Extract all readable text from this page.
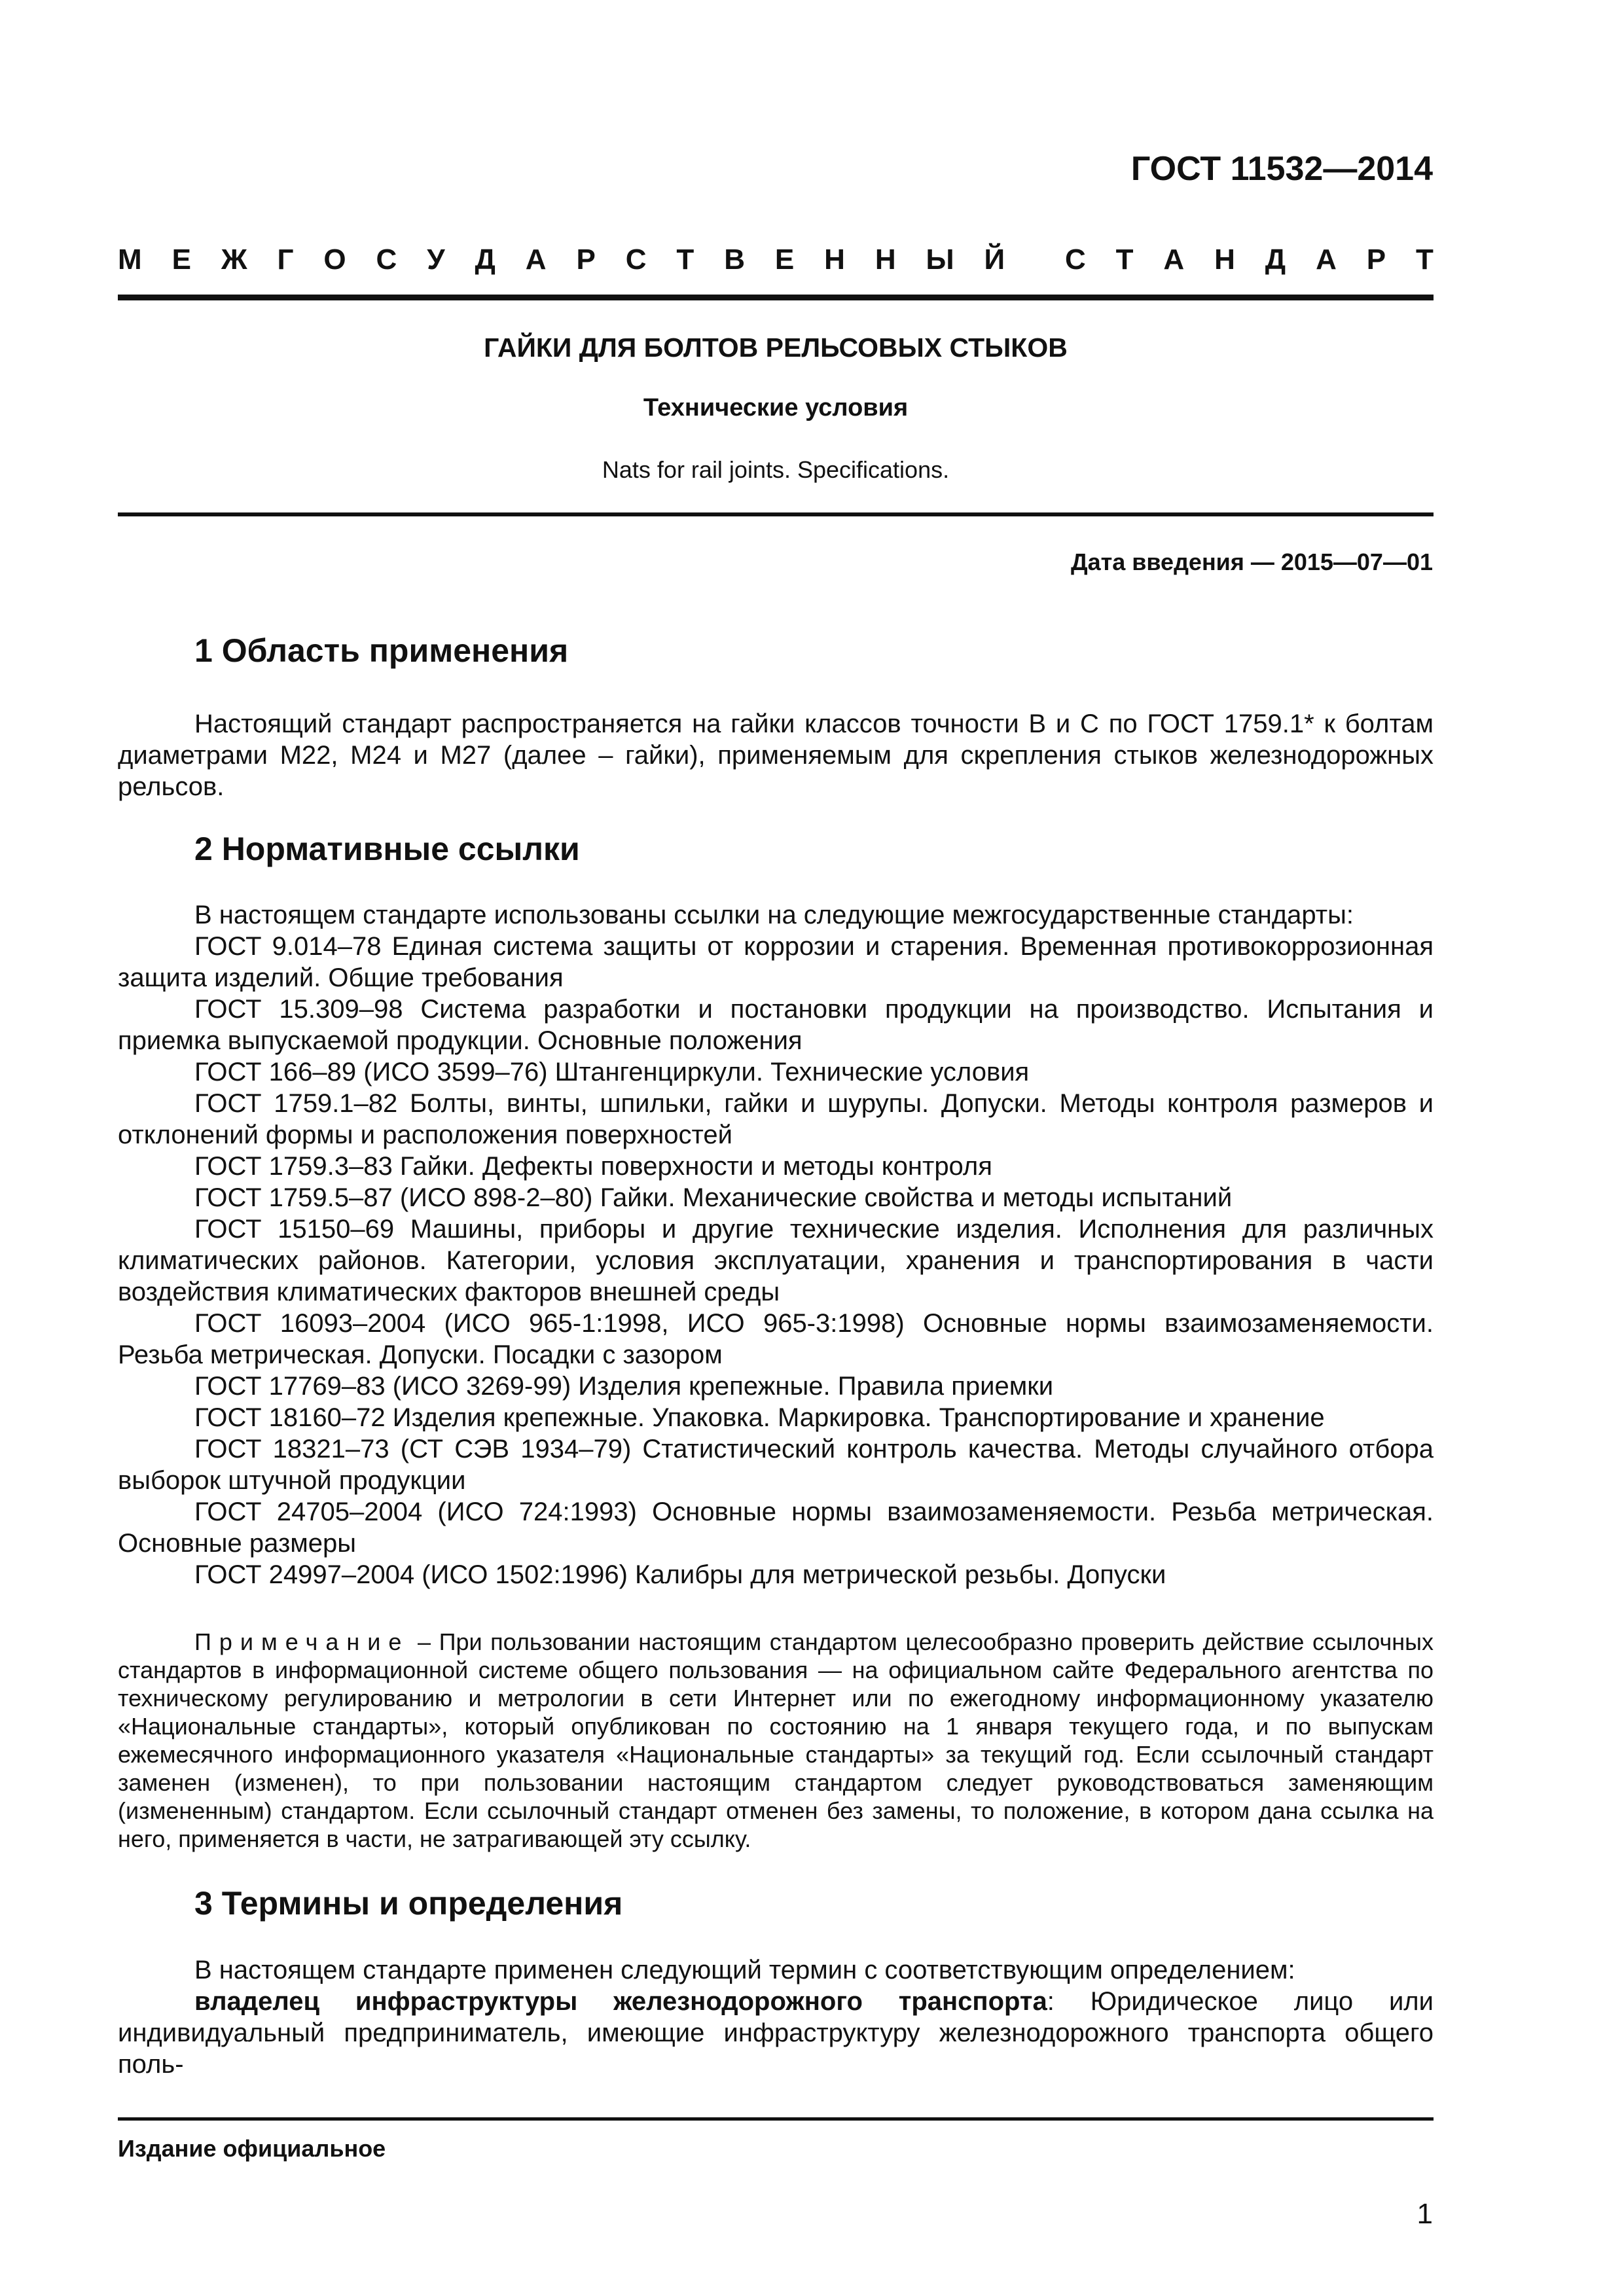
ГОСТ 11532—2014
М Е Ж Г О С У Д А Р С Т В Е Н Н Ы Й С Т А Н Д А Р Т
ГАЙКИ ДЛЯ БОЛТОВ РЕЛЬСОВЫХ СТЫКОВ
Технические условия
Nats for rail joints. Specifications.
Дата введения — 2015—07—01
1 Область применения

Настоящий стандарт распространяется на гайки классов точности B и C по ГОСТ 1759.1* к болтам диаметрами М22, М24 и М27 (далее – гайки), применяемым для скрепления стыков железнодорожных рельсов.

2 Нормативные ссылки

В настоящем стандарте использованы ссылки на следующие межгосударственные стандарты:

ГОСТ 9.014–78 Единая система защиты от коррозии и старения. Временная противокоррозионная защита изделий. Общие требования

ГОСТ 15.309–98 Система разработки и постановки продукции на производство. Испытания и приемка выпускаемой продукции. Основные положения

ГОСТ 166–89 (ИСО 3599–76) Штангенциркули. Технические условия

ГОСТ 1759.1–82 Болты, винты, шпильки, гайки и шурупы. Допуски. Методы контроля размеров и отклонений формы и расположения поверхностей

ГОСТ 1759.3–83 Гайки. Дефекты поверхности и методы контроля

ГОСТ 1759.5–87 (ИСО 898-2–80) Гайки. Механические свойства и методы испытаний

ГОСТ 15150–69 Машины, приборы и другие технические изделия. Исполнения для различных климатических районов. Категории, условия эксплуатации, хранения и транспортирования в части воздействия климатических факторов внешней среды

ГОСТ 16093–2004 (ИСО 965-1:1998, ИСО 965-3:1998) Основные нормы взаимозаменяемости. Резьба метрическая. Допуски. Посадки с зазором

ГОСТ 17769–83 (ИСО 3269-99) Изделия крепежные. Правила приемки

ГОСТ 18160–72 Изделия крепежные. Упаковка. Маркировка. Транспортирование и хранение

ГОСТ 18321–73 (СТ СЭВ 1934–79) Статистический контроль качества. Методы случайного отбора выборок штучной продукции

ГОСТ 24705–2004 (ИСО 724:1993) Основные нормы взаимозаменяемости. Резьба метрическая. Основные размеры

ГОСТ 24997–2004 (ИСО 1502:1996) Калибры для метрической резьбы. Допуски

Примечание – При пользовании настоящим стандартом целесообразно проверить действие ссылочных стандартов в информационной системе общего пользования — на официальном сайте Федерального агентства по техническому регулированию и метрологии в сети Интернет или по ежегодному информационному указателю «Национальные стандарты», который опубликован по состоянию на 1 января текущего года, и по выпускам ежемесячного информационного указателя «Национальные стандарты» за текущий год. Если ссылочный стандарт заменен (изменен), то при пользовании настоящим стандартом следует руководствоваться заменяющим (измененным) стандартом. Если ссылочный стандарт отменен без замены, то положение, в котором дана ссылка на него, применяется в части, не затрагивающей эту ссылку.

3 Термины и определения

В настоящем стандарте применен следующий термин с соответствующим определением:

владелец инфраструктуры железнодорожного транспорта: Юридическое лицо или индивидуальный предприниматель, имеющие инфраструктуру железнодорожного транспорта общего поль-

Издание официальное
1
